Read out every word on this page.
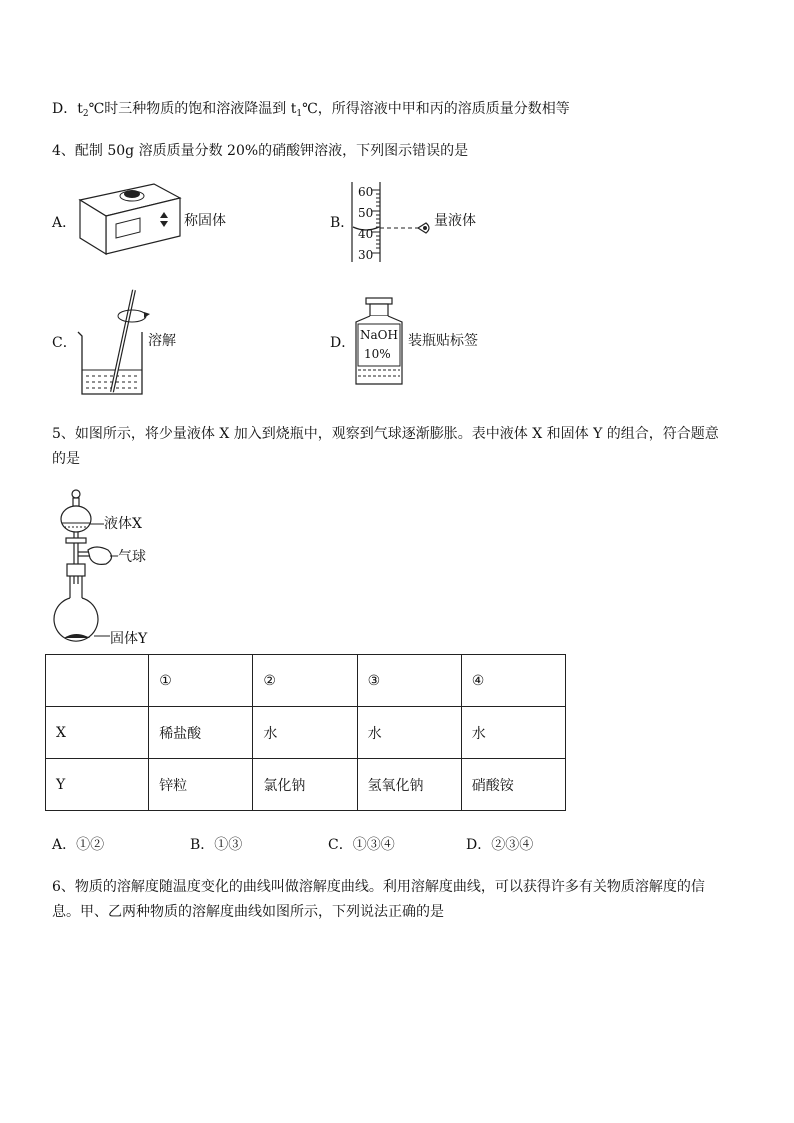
D．$t_2℃$时三种物质的饱和溶液降温到 $t_1℃$，所得溶液中甲和丙的溶质质量分数相等
4、配制 50g 溶质质量分数 20%的硝酸钾溶液，下列图示错误的是
A．	称固体	B．
60
50
40
30
量液体
C．	溶解	D． NaOH
10%
装瓶贴标签
5、如图所示，将少量液体 X 加入到烧瓶中，观察到气球逐渐膨胀。表中液体 X 和固体 Y 的组合，符合题意
的是
液体X
气球
固体Y
	①	②	③	④
X	稀盐酸	水	水	水
Y	锌粒	氯化钠	氢氧化钠	硝酸铵
A．①②	B．①③	C．①③④	D．②③④
6、物质的溶解度随温度变化的曲线叫做溶解度曲线。利用溶解度曲线，可以获得许多有关物质溶解度的信
息。甲、乙两种物质的溶解度曲线如图所示，下列说法正确的是
